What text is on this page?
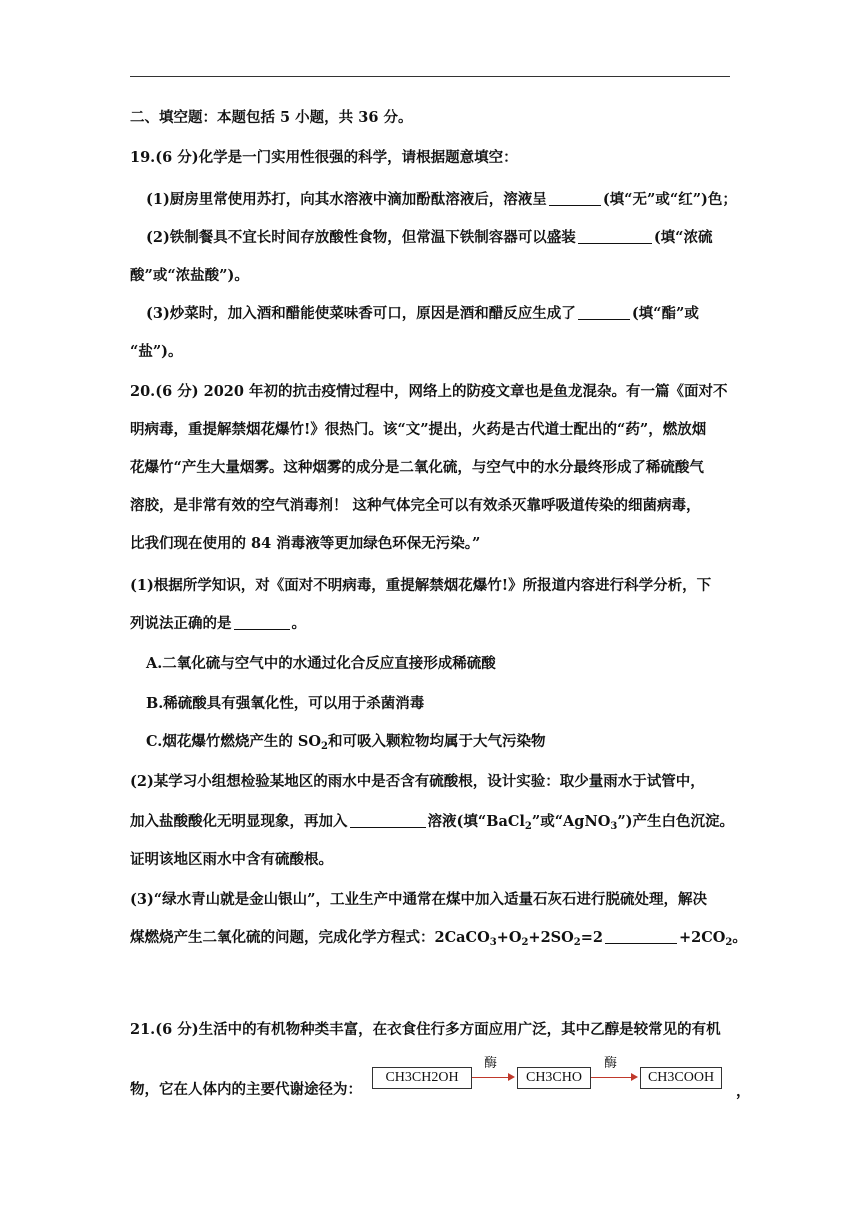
二、填空题：本题包括 5 小题，共 36 分。
19.(6 分)化学是一门实用性很强的科学，请根据题意填空：
(1)厨房里常使用苏打，向其水溶液中滴加酚酞溶液后，溶液呈	(填“无”或“红”)色；
(2)铁制餐具不宜长时间存放酸性食物，但常温下铁制容器可以盛装	(填“浓硫
酸”或“浓盐酸”)。
(3)炒菜时，加入酒和醋能使菜味香可口，原因是酒和醋反应生成了	(填“酯”或
“盐”)。
20.(6 分) 2020 年初的抗击疫情过程中，网络上的防疫文章也是鱼龙混杂。有一篇《面对不
明病毒，重提解禁烟花爆竹!》很热门。该“文”提出，火药是古代道士配出的“药”，燃放烟
花爆竹“产生大量烟雾。这种烟雾的成分是二氧化硫，与空气中的水分最终形成了稀硫酸气
溶胶，是非常有效的空气消毒剂！ 这种气体完全可以有效杀灭靠呼吸道传染的细菌病毒，
比我们现在使用的 84 消毒液等更加绿色环保无污染。”
(1)根据所学知识，对《面对不明病毒，重提解禁烟花爆竹!》所报道内容进行科学分析，下
列说法正确的是	。
A.二氧化硫与空气中的水通过化合反应直接形成稀硫酸
B.稀硫酸具有强氧化性，可以用于杀菌消毒
C.烟花爆竹燃烧产生的 $SO_2$和可吸入颗粒物均属于大气污染物
(2)某学习小组想检验某地区的雨水中是否含有硫酸根，设计实验：取少量雨水于试管中，
加入盐酸酸化无明显现象，再加入	溶液(填“BaCl$_2$”或“AgNO$_3$”)产生白色沉淀。
证明该地区雨水中含有硫酸根。
(3)“绿水青山就是金山银山”，工业生产中通常在煤中加入适量石灰石进行脱硫处理，解决
煤燃烧产生二氧化硫的问题，完成化学方程式：$2CaCO_3+O_2+2SO_2=2$	$+2CO_2$。
21.(6 分)生活中的有机物种类丰富，在衣食住行多方面应用广泛，其中乙醇是较常见的有机
物，它在人体内的主要代谢途径为：
CH3CH2OH
酶
CH3CHO
酶
CH3COOH
，
